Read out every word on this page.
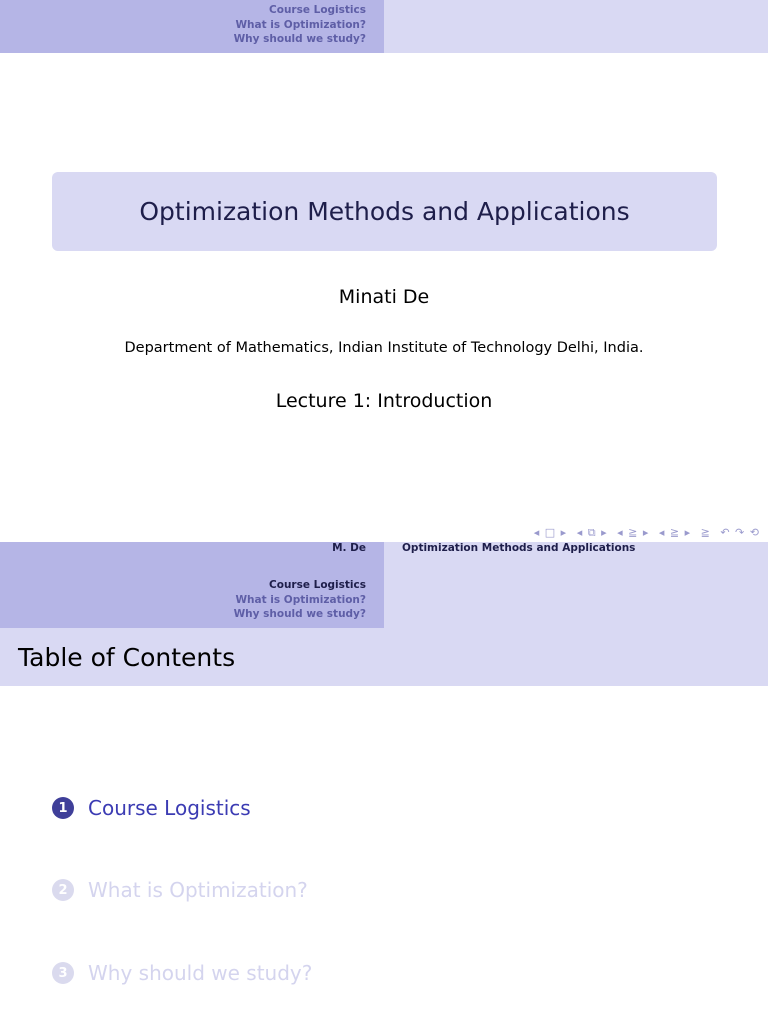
Course Logistics
What is Optimization?
Why should we study?
Optimization Methods and Applications
Minati De
Department of Mathematics, Indian Institute of Technology Delhi, India.
Lecture 1: Introduction
◂ □ ▸ ◂ ⧉ ▸ ◂ ≧ ▸ ◂ ≧ ▸ ≧ ↶ ↷ ⟲
M. De	Optimization Methods and Applications
Course Logistics
What is Optimization?
Why should we study?
Table of Contents
1	Course Logistics
2	What is Optimization?
3	Why should we study?
